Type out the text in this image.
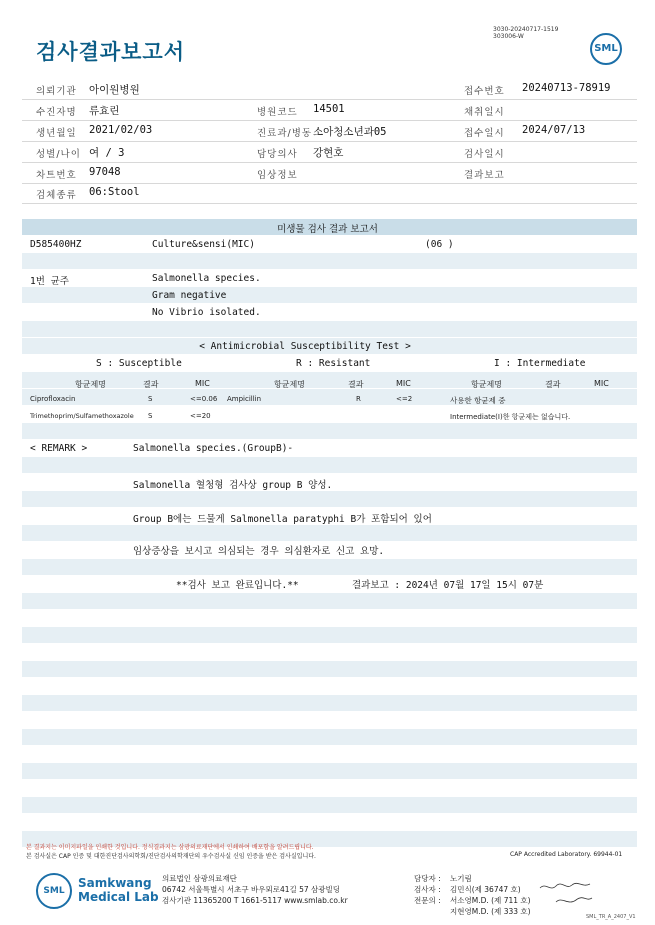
검사결과보고서
3030-20240717-1519
303006-W
SML
의뢰기관 아이원병원	접수번호 20240713-78919
수진자명 류효린	병원코드 14501	채취일시
생년월일 2021/02/03	진료과/병동 소아청소년과05	접수일시 2024/07/13
성별/나이 여 / 3	담당의사 강현호	검사일시
차트번호 97048	임상정보	결과보고
검체종류 06:Stool
미생물 검사 결과 보고서
D585400HZ	Culture&sensi(MIC)	(06 )
1번 균주	Salmonella species.
Gram negative
No Vibrio isolated.
< Antimicrobial Susceptibility Test >
S : Susceptible	R : Resistant	I : Intermediate
항균제명	결과	MIC	항균제명	결과	MIC	항균제명	결과	MIC
Ciprofloxacin	S	<=0.06 Ampicillin	R	<=2	사용한 항균제 중
Trimethoprim/Sulfamethoxazole S	<=20	Intermediate(I)한 항균제는 없습니다.
< REMARK >	Salmonella species.(GroupB)-
Salmonella 혈청형 검사상 group B 양성.
Group B에는 드물게 Salmonella paratyphi B가 포함되어 있어
임상증상을 보시고 의심되는 경우 의심환자로 신고 요망.
**검사 보고 완료입니다.**	결과보고 : 2024년 07월 17일 15시 07분
본 결과지는 이미지파일을 인쇄한 것입니다. 정식결과지는 삼광의료재단에서 인쇄하여 배포함을 알려드립니다.
본 검사실은 CAP 인증 및 대한진단검사의학회/진단검사의학재단의 우수검사실 신임 인증을 받은 검사실입니다.	CAP Accredited Laboratory. 69944-01
SML
Samkwang
Medical Lab
의료법인 삼광의료재단
06742 서울특별시 서초구 바우뫼로41길 57 삼광빌딩
검사기관 11365200 T 1661-5117 www.smlab.co.kr
담당자 : 노기림
검사자 : 김민식(제 36747 호)
전문의 : 서소영M.D. (제 711 호)
지현영M.D. (제 333 호)
SML_TR_A_2407_V1
